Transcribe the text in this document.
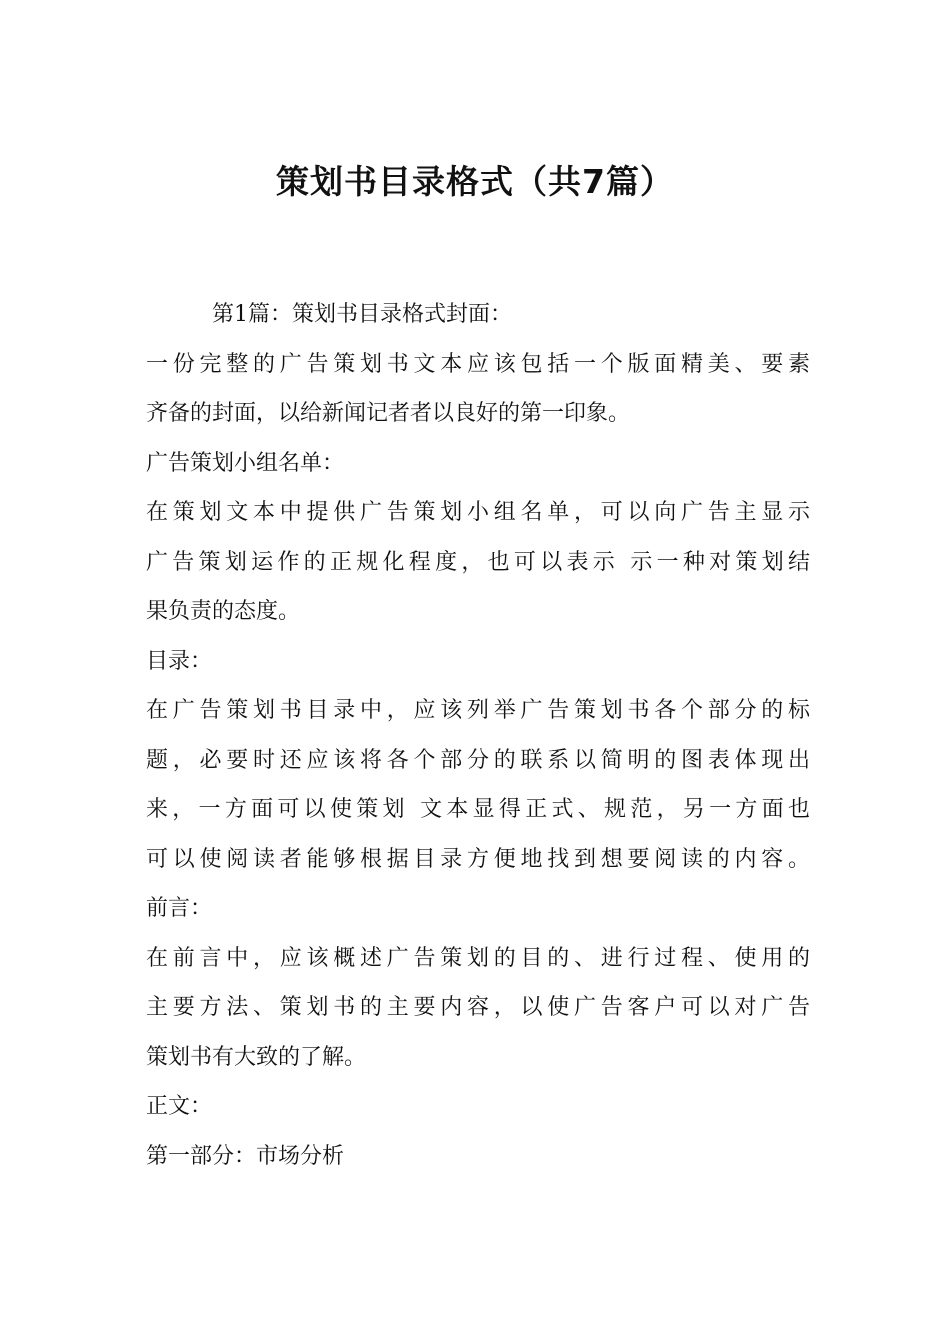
策划书目录格式（共7篇）
第1篇：策划书目录格式封面：
一份完整的广告策划书文本应该包括一个版面精美、要素
齐备的封面，以给新闻记者者以良好的第一印象。
广告策划小组名单：
在策划文本中提供广告策划小组名单，可以向广告主显示
广告策划运作的正规化程度，也可以表示 示一种对策划结
果负责的态度。
目录：
在广告策划书目录中，应该列举广告策划书各个部分的标
题，必要时还应该将各个部分的联系以简明的图表体现出
来，一方面可以使策划 文本显得正式、规范，另一方面也
可以使阅读者能够根据目录方便地找到想要阅读的内容。
前言：
在前言中，应该概述广告策划的目的、进行过程、使用的
主要方法、策划书的主要内容，以使广告客户可以对广告
策划书有大致的了解。
正文：
第一部分：市场分析
